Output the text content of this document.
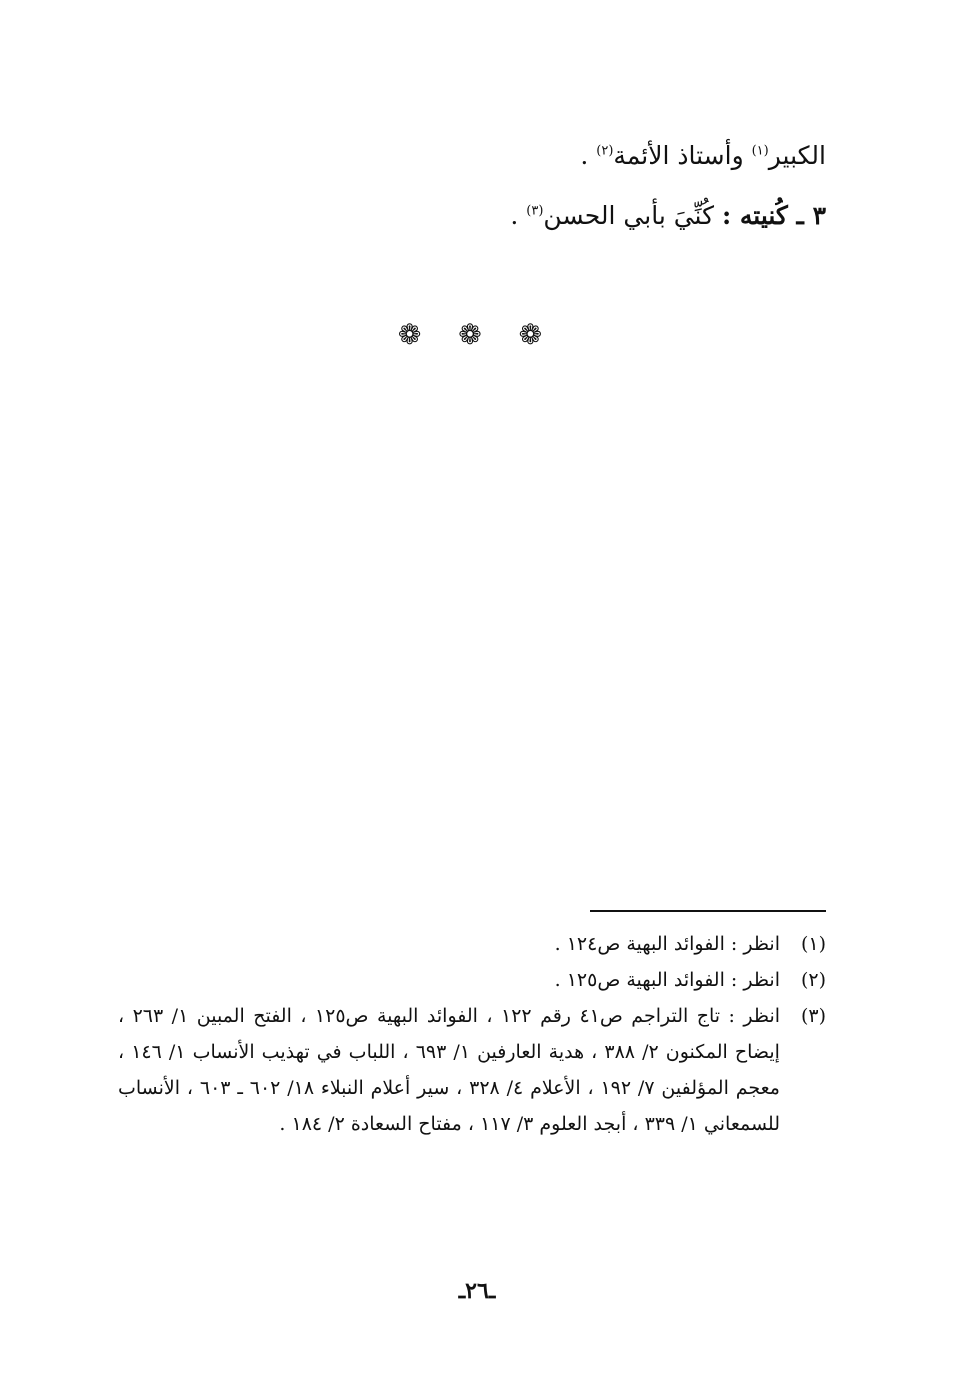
الكبير$^{(١)}$ وأستاذ الأئمة$^{(٢)}$ .
٣ ـ كُنيته : كُنِّيَ بأبي الحسن$^{(٣)}$ .
❁ ❁ ❁
(١)
انظر : الفوائد البهية ص١٢٤ .
(٢)
انظر : الفوائد البهية ص١٢٥ .
(٣)
انظر : تاج التراجم ص٤١ رقم ١٢٢ ، الفوائد البهية ص١٢٥ ، الفتح المبين ١/ ٢٦٣ ، إيضاح المكنون ٢/ ٣٨٨ ، هدية العارفين ١/ ٦٩٣ ، اللباب في تهذيب الأنساب ١/ ١٤٦ ، معجم المؤلفين ٧/ ١٩٢ ، الأعلام ٤/ ٣٢٨ ، سير أعلام النبلاء ١٨/ ٦٠٢ ـ ٦٠٣ ، الأنساب للسمعاني ١/ ٣٣٩ ، أبجد العلوم ٣/ ١١٧ ، مفتاح السعادة ٢/ ١٨٤ .
ـ٢٦ـ
